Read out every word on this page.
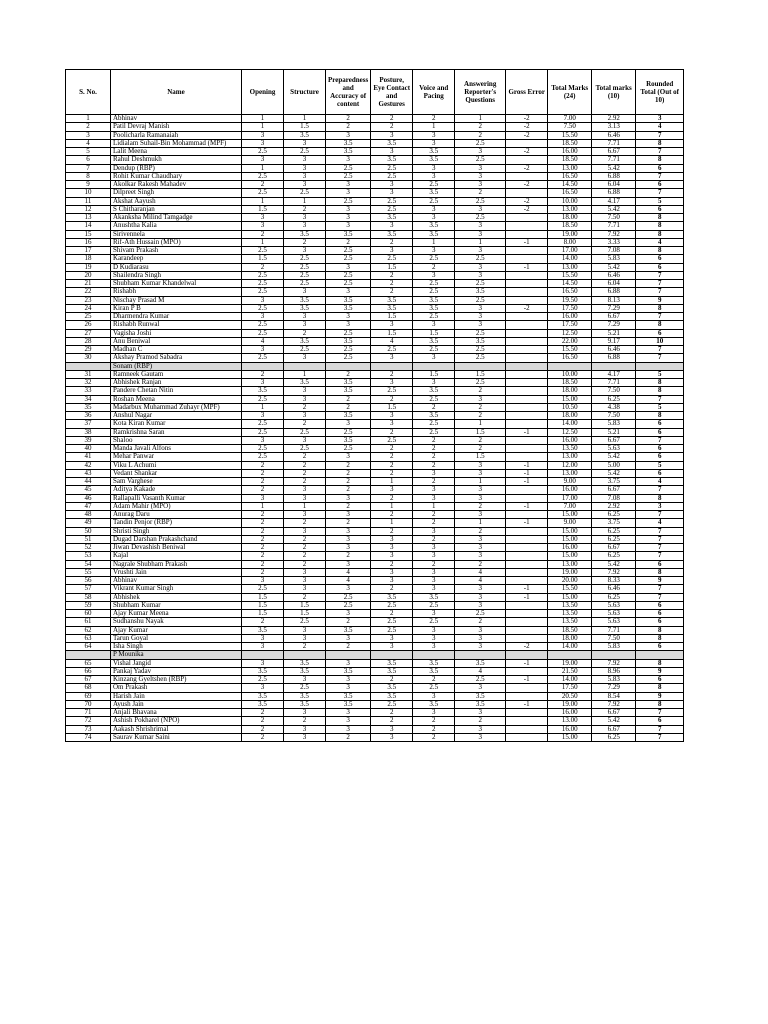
S. No.	Name	Opening	Structure	Preparedness and Accuracy of content	Posture, Eye Contact and Gestures	Voice and Pacing	Answering Reporter's Questions	Gross Error	Total Marks (24)	Total marks (10)	Rounded Total (Out of 10)
1	Abhinav	1	1	2	2	2	1	-2	7.00	2.92	3
2	Patil Devraj Manish	1	1.5	2	2	1	2	-2	7.50	3.13	4
3	Poolicharla Ramanaiah	3	3.5	3	3	3	2	-2	15.50	6.46	7
4	Lidialam Suhail-Bin Mohammad (MPF)	3	3	3.5	3.5	3	2.5		18.50	7.71	8
5	Lalit Meena	2.5	2.5	3.5	3	3.5	3	-2	16.00	6.67	7
6	Rahul Deshmukh	3	3	3	3.5	3.5	2.5		18.50	7.71	8
7	Dendup (RBP)	1	3	2.5	2.5	3	3	-2	13.00	5.42	6
8	Rohit Kumar Chaudhary	2.5	3	2.5	2.5	3	3		16.50	6.88	7
9	Akolkar Rakesh Mahadev	2	3	3	3	2.5	3	-2	14.50	6.04	6
10	Dilpreet Singh	2.5	2.5	3	3	3.5	2		16.50	6.88	7
11	Akshat Aayush	1	1	2.5	2.5	2.5	2.5	-2	10.00	4.17	5
12	S Chitharanjan	1.5	2	3	2.5	3	3	-2	13.00	5.42	6
13	Akanksha Milind Tamgadge	3	3	3	3.5	3	2.5		18.00	7.50	8
14	Anushtha Kalia	3	3	3	3	3.5	3		18.50	7.71	8
15	Sirivennela	2	3.5	3.5	3.5	3.5	3		19.00	7.92	8
16	Rif-Ath Hussain (MPO)	1	2	2	2	1	1	-1	8.00	3.33	4
17	Shivam Prakash	2.5	3	2.5	3	3	3		17.00	7.08	8
18	Karandeep	1.5	2.5	2.5	2.5	2.5	2.5		14.00	5.83	6
19	D Kudiarasu	2	2.5	3	1.5	2	3	-1	13.00	5.42	6
20	Shailendra Singh	2.5	2.5	2.5	2	3	3		15.50	6.46	7
21	Shubham Kumar Khandelwal	2.5	2.5	2.5	2	2.5	2.5		14.50	6.04	7
22	Rishabh	2.5	3	3	2	2.5	3.5		16.50	6.88	7
23	Nischay Prasad M	3	3.5	3.5	3.5	3.5	2.5		19.50	8.13	9
24	Kiran P B	2.5	3.5	3.5	3.5	3.5	3	-2	17.50	7.29	8
25	Dharmendra Kumar	3	3	3	1.5	2.5	3		16.00	6.67	7
26	Rishabh Runwal	2.5	3	3	3	3	3		17.50	7.29	8
27	Vagisha Joshi	2.5	2	2.5	1.5	1.5	2.5		12.50	5.21	6
28	Anu Beniwal	4	3.5	3.5	4	3.5	3.5		22.00	9.17	10
29	Madhan C	3	2.5	2.5	2.5	2.5	2.5		15.50	6.46	7
30	Akshay Pramod Sabadra	2.5	3	2.5	3	3	2.5		16.50	6.88	7
	Sonam (RBP)										
31	Ramneek Gautam	2	1	2	2	1.5	1.5		10.00	4.17	5
32	Abhishek Ranjan	3	3.5	3.5	3	3	2.5		18.50	7.71	8
33	Pandere Chetan Nitin	3.5	3	3.5	2.5	3.5	2		18.00	7.50	8
34	Roshan Meena	2.5	3	2	2	2.5	3		15.00	6.25	7
35	Madarbux Muhammad Zuhayr (MPF)	1	2	2	1.5	2	2		10.50	4.38	5
36	Anshul Nagar	3	3	3.5	3	3.5	2		18.00	7.50	8
37	Kota Kiran Kumar	2.5	2	3	3	2.5	1		14.00	5.83	6
38	Ramkrishna Saran	2.5	2.5	2.5	2	2.5	1.5	-1	12.50	5.21	6
39	Shaloo	3	3	3.5	2.5	2	2		16.00	6.67	7
40	Manda Javali Alfons	2.5	2.5	2.5	2	2	2		13.50	5.63	6
41	Mehar Panwar	2.5	2	3	2	2	1.5		13.00	5.42	6
42	Viku L Achumi	2	2	2	2	2	3	-1	12.00	5.00	5
43	Vedant Shankar	2	2	2	2	3	3	-1	13.00	5.42	6
44	Sam Varghese	2	2	2	1	2	1	-1	9.00	3.75	4
45	Aditya Kakade	2	3	2	3	3	3		16.00	6.67	7
46	Rallapalli Vasanth Kumar	3	3	3	2	3	3		17.00	7.08	8
47	Adam Mahir (MPO)	1	1	2	1	1	2	-1	7.00	2.92	3
48	Anurag Daru	2	3	3	2	2	3		15.00	6.25	7
49	Tandin Penjor (RBP)	2	2	2	1	2	1	-1	9.00	3.75	4
50	Shristi Singh	2	3	3	2	3	2		15.00	6.25	7
51	Dugad Darshan Prakashchand	2	2	3	3	2	3		15.00	6.25	7
52	Jiwan Devashish Beniwal	2	2	3	3	3	3		16.00	6.67	7
53	Kajal	2	2	2	3	3	3		15.00	6.25	7
54	Nagrale Shubham Prakash	2	2	3	2	2	2		13.00	5.42	6
55	Vrushti Jain	2	3	4	3	3	4		19.00	7.92	8
56	Abhinav	3	3	4	3	3	4		20.00	8.33	9
57	Vikrant Kumar Singh	2.5	3	3	2	3	3	-1	15.50	6.46	7
58	Abhishek	1.5	2	2.5	3.5	3.5	3	-1	15.00	6.25	7
59	Shubham Kumar	1.5	1.5	2.5	2.5	2.5	3		13.50	5.63	6
60	Ajay Kumar Meena	1.5	1.5	3	2	3	2.5		13.50	5.63	6
61	Sudhanshu Nayak	2	2.5	2	2.5	2.5	2		13.50	5.63	6
62	Ajay Kumar	3.5	3	3.5	2.5	3	3		18.50	7.71	8
63	Tarun Goyal	3	3	3	3	3	3		18.00	7.50	8
64	Isha Singh	3	2	2	3	3	3	-2	14.00	5.83	6
	P Mounika										
65	Vishal Jangid	3	3.5	3	3.5	3.5	3.5	-1	19.00	7.92	8
66	Pankaj Yadav	3.5	3.5	3.5	3.5	3.5	4		21.50	8.96	9
67	Kinzang Gyeltshen (RBP)	2.5	3	3	2	2	2.5	-1	14.00	5.83	6
68	Om Prakash	3	2.5	3	3.5	2.5	3		17.50	7.29	8
69	Harish Jain	3.5	3.5	3.5	3.5	3	3.5		20.50	8.54	9
70	Ayush Jain	3.5	3.5	3.5	2.5	3.5	3.5	-1	19.00	7.92	8
71	Anjali Bhavana	2	3	3	2	3	3		16.00	6.67	7
72	Ashish Pokharel (NPO)	2	2	3	2	2	2		13.00	5.42	6
73	Aakash Shrishrimal	2	3	3	3	2	3		16.00	6.67	7
74	Saurav Kumar Saini	2	3	2	3	2	3		15.00	6.25	7
